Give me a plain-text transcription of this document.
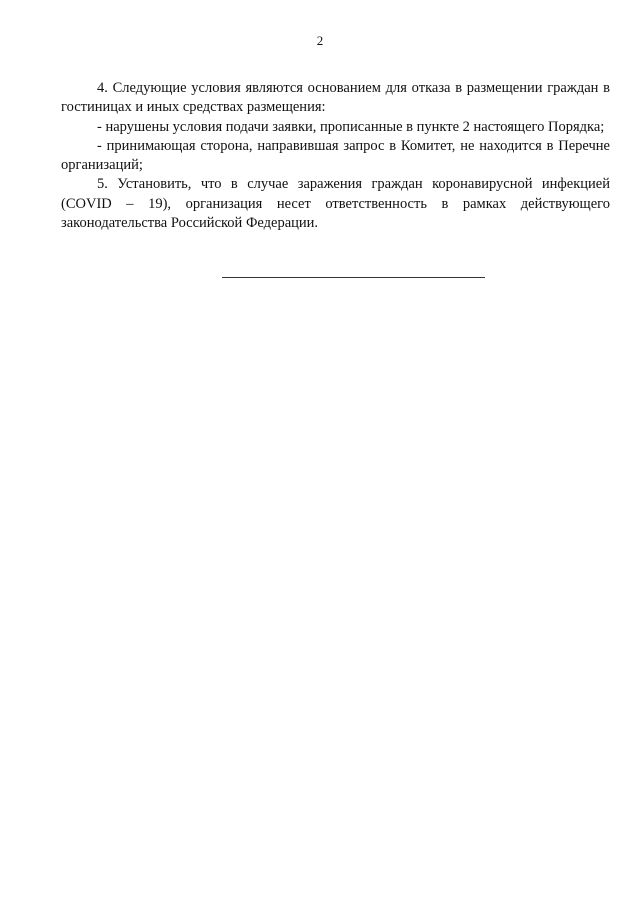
2

4. Следующие условия являются основанием для отказа в размещении граждан в гостиницах и иных средствах размещения:

- нарушены условия подачи заявки, прописанные в пункте 2 настоящего Порядка;

- принимающая сторона, направившая запрос в Комитет, не находится в Перечне организаций;

5. Установить, что в случае заражения граждан коронавирусной инфекцией (COVID – 19), организация несет ответственность в рамках действующего законодательства Российской Федерации.
